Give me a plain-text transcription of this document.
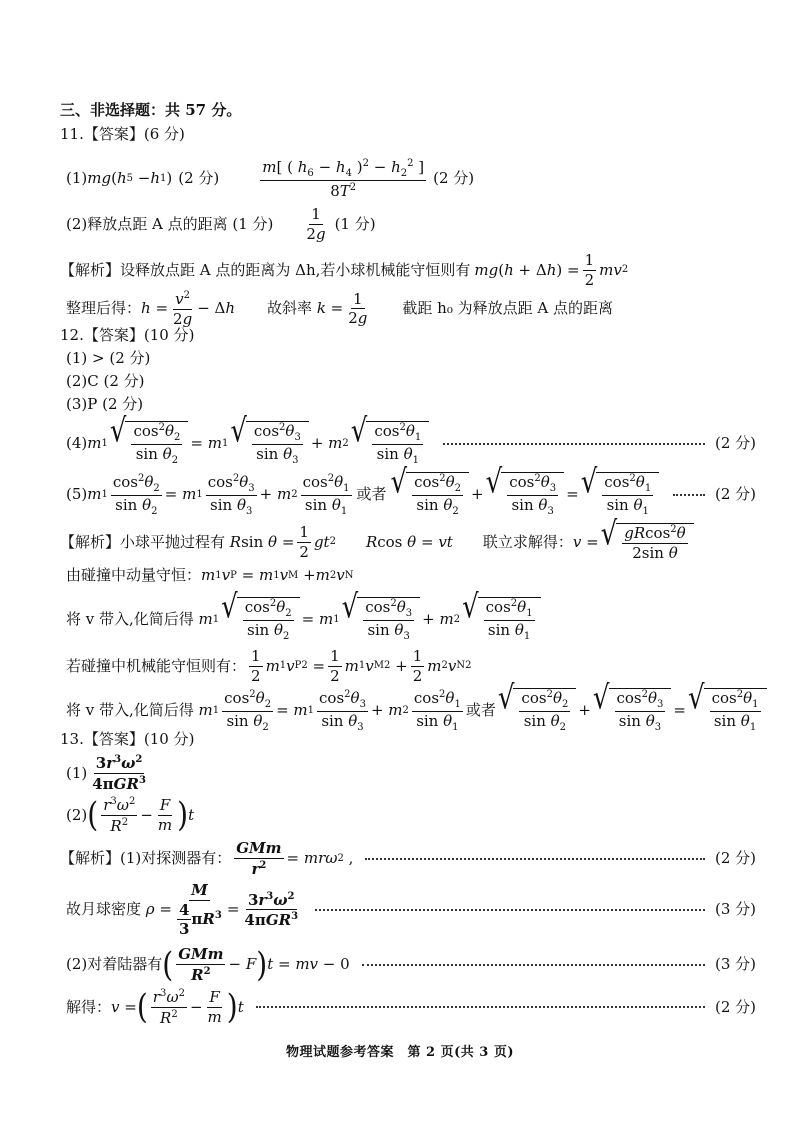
三、非选择题：共 57 分。
11.【答案】(6 分)
(1) mg ( h 5 − h 1 ) (2 分)	$\frac{m[ ( h_6 - h_4 )^2 - h_2^2 ]}{8T^2} (2$ 分)
(2)释放点距 A 点的距离 (1 分) $\frac{1}{2g} (1$ 分)
【解析】设释放点距 A 点的距离为 Δh,若小球机械能守恒则有 $mg(h + \Delta h) = \frac{1}{2}$ mv 2
整理后得： $h = \frac{v^2}{2g} - \Delta h$ 故斜率 $k = \frac{1}{2g}$ 截距 h₀ 为释放点距 A 点的距离
12.【答案】(10 分)
(1) > (2 分)
(2)C (2 分)
(3)P (2 分)
(4) m 1 √ $\frac{\cos^2\theta_2}{\sin \theta_2} = m$ 1 √ $\frac{\cos^2\theta_3}{\sin \theta_3} + m$ 2 √ $\frac{\cos^2\theta_1}{\sin \theta_1}$	(2 分)
(5) m $1 \frac{\cos^2\theta_2}{\sin \theta_2} = m$ $1 \frac{\cos^2\theta_3}{\sin \theta_3} + m$ $2 \frac{\cos^2\theta_1}{\sin \theta_1}$ 或者 √ $\frac{\cos^2\theta_2}{\sin \theta_2}$ + √ $\frac{\cos^2\theta_3}{\sin \theta_3}$ = √ $\frac{\cos^2\theta_1}{\sin \theta_1}$	(2 分)
【解析】小球平抛过程有 R $\sin \theta = \frac{1}{2}$ gt 2 R cos θ = vt 联立求解得： v = √ $\frac{gRcos^2\theta}{\text{2sin θ}}$
由碰撞中动量守恒： m 1 v P = m 1 v M + m 2 v N
将 v 带入,化简后得 m 1 √ $\frac{\cos^2\theta_2}{\sin \theta_2} = m$ 1 √ $\frac{\cos^2\theta_3}{\sin \theta_3} + m$ 2 √ $\frac{\cos^2\theta_1}{\sin \theta_1}$
若碰撞中机械能守恒则有： $\frac{1}{2}$ m 1 v P $2 = \frac{1}{2}$ m 1 v M $2 + \frac{1}{2}$ m 2 v N 2
将 v 带入,化简后得 m $1 \frac{\cos^2\theta_2}{\sin \theta_2} = m$ $1 \frac{\cos^2\theta_3}{\sin \theta_3} + m$ $2 \frac{\cos^2\theta_1}{\sin \theta_1}$ 或者 √ $\frac{\cos^2\theta_2}{\sin \theta_2}$ + √ $\frac{\cos^2\theta_3}{\sin \theta_3}$ = √ $\frac{\cos^2\theta_1}{\sin \theta_1}$
13.【答案】(10 分)
$(1) \frac{3r^3\omega^2}{4\pi GR^3}$
(2) ( $\frac{r^3\omega^2}{R^2} - \frac{F}{m}$ ) t
【解析】(1)对探测器有： $\frac{\text{GMm}}{r^2} = mr\omega$ 2 ,	(2 分)
故月球密度 $\rho = \frac{M}{\frac{4}{3} \pi R^3} = \frac{3r^3\omega^2}{4\pi GR^3}$	(3 分)
(2)对着陆器有 ( $\frac{\text{GMm}}{R^2} - F$ ) t = mv − 0	(3 分)
解得： v = ( $\frac{r^3\omega^2}{R^2} - \frac{F}{m}$ ) t	(2 分)
物理试题参考答案　第 2 页(共 3 页)
